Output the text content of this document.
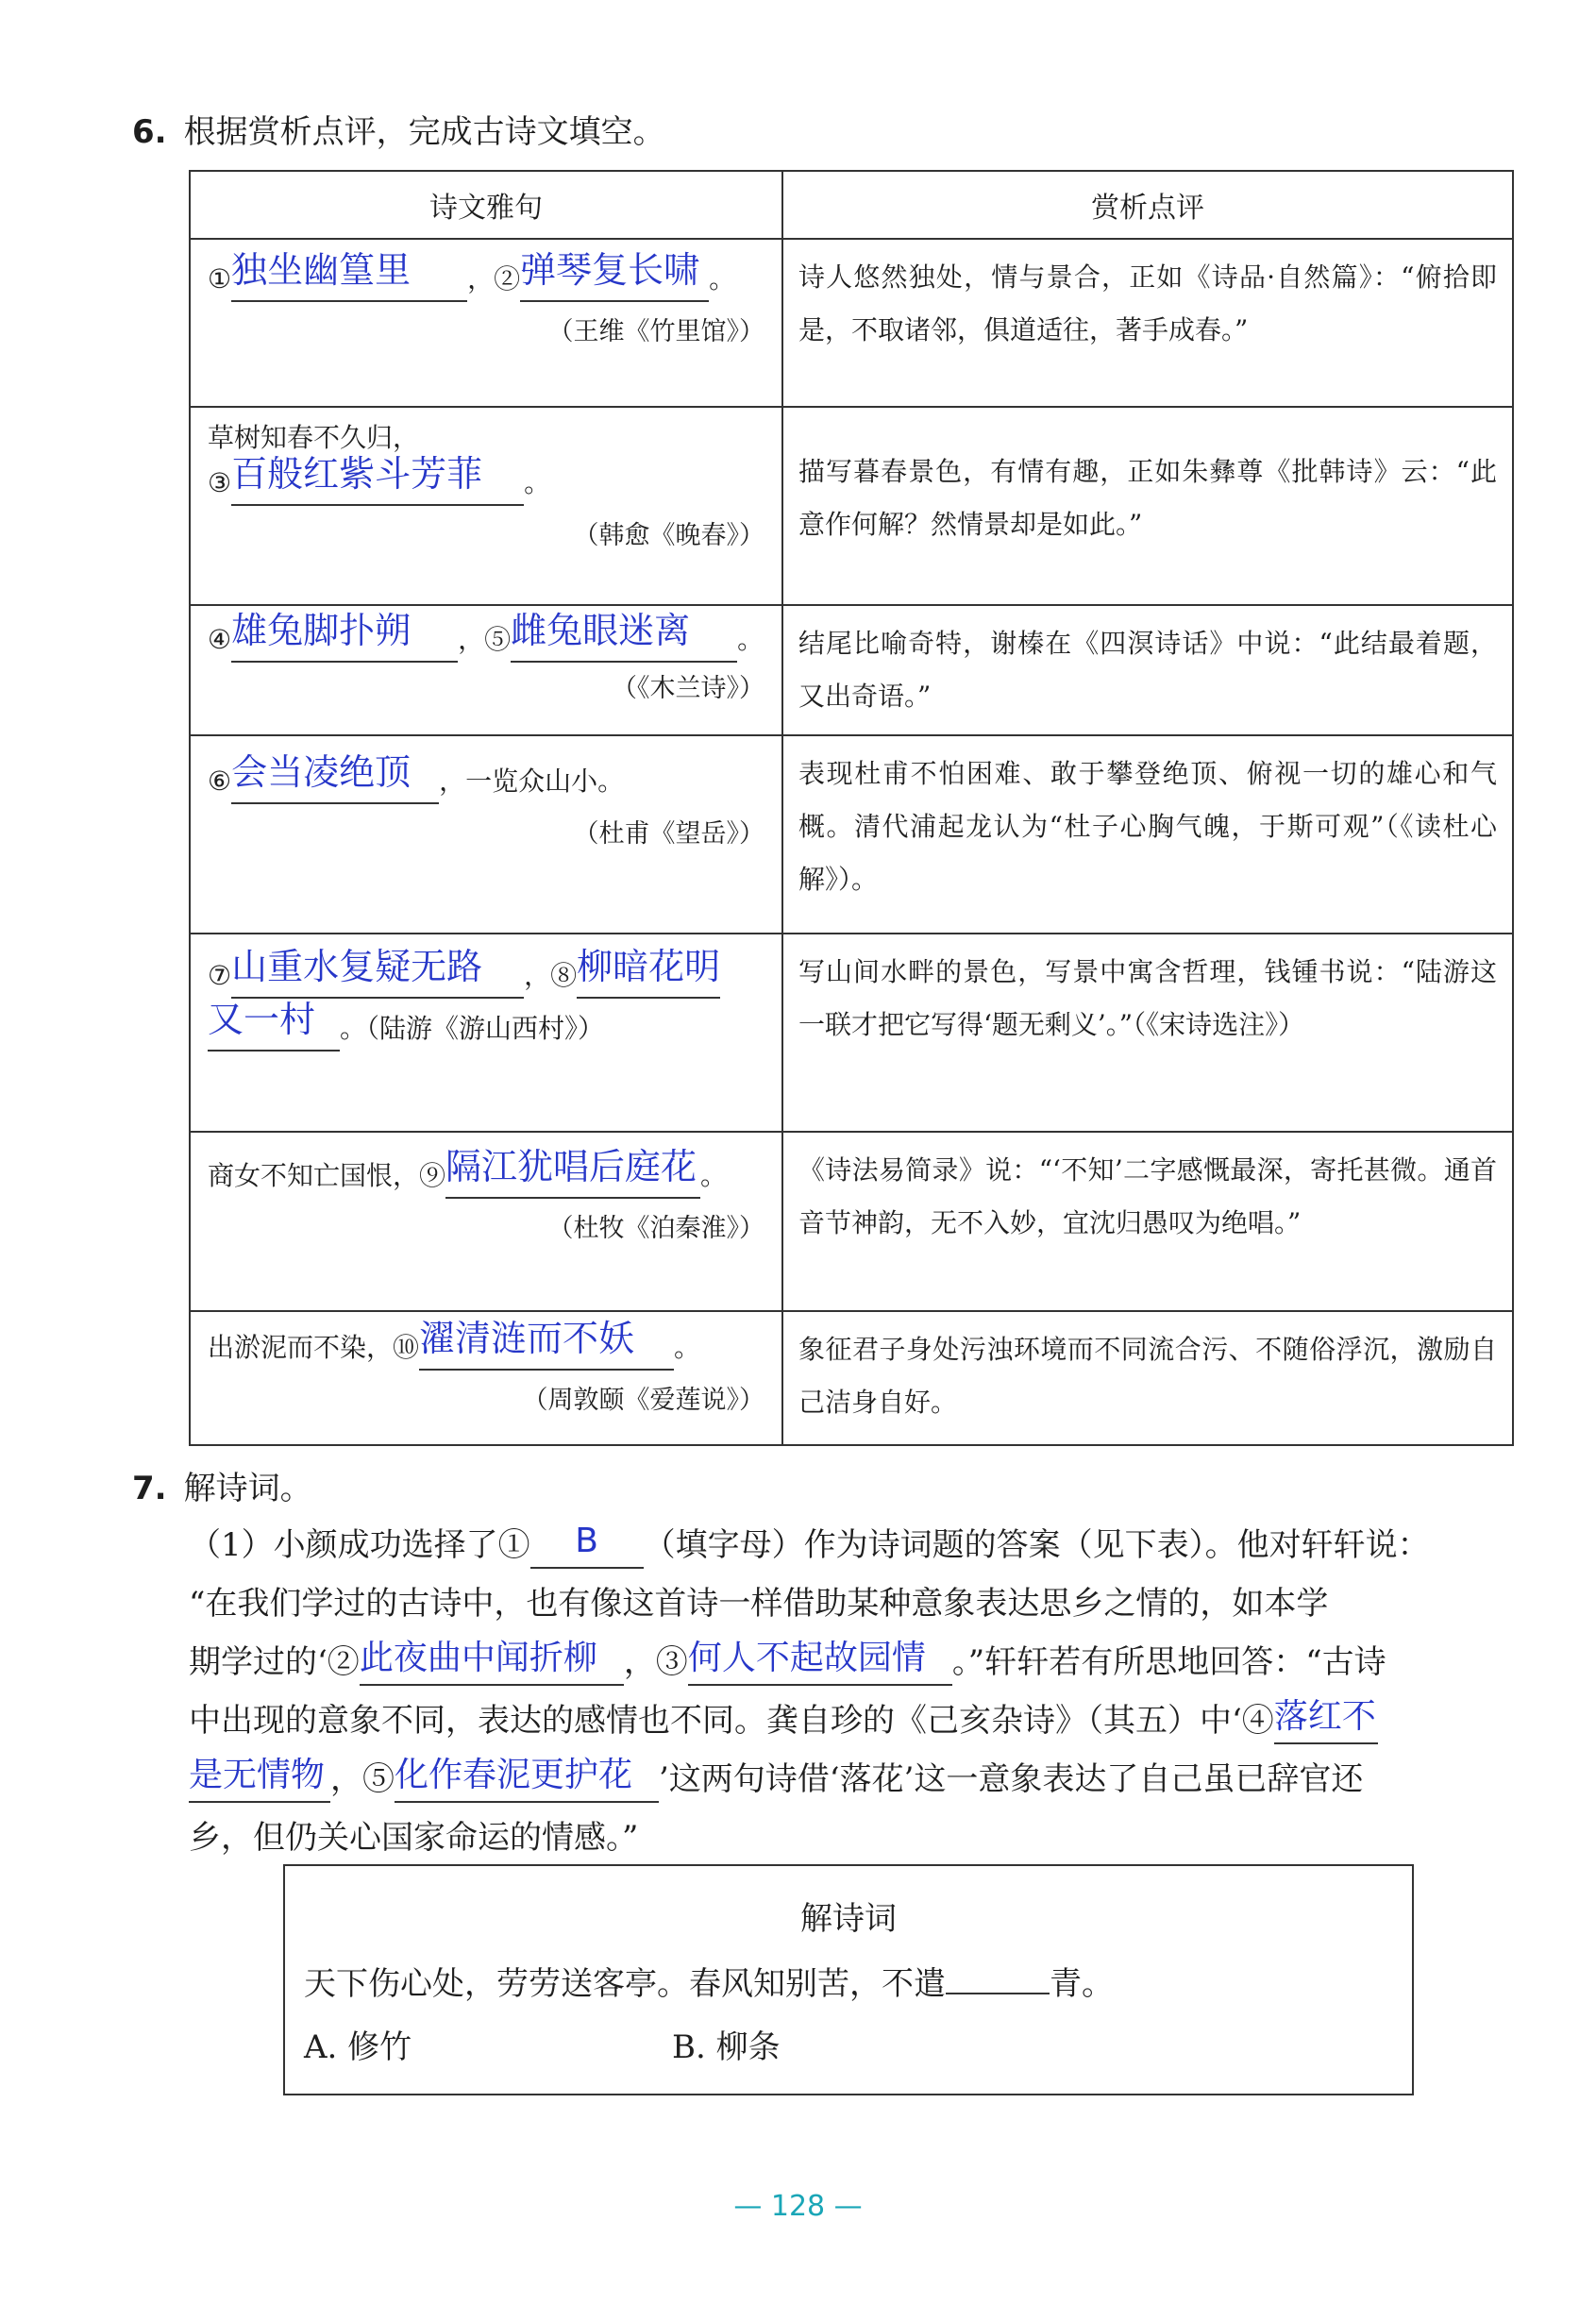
6. 根据赏析点评，完成古诗文填空。
诗文雅句	赏析点评

①独坐幽篁里 ，②弹琴复长啸 。
（王维《竹里馆》）	诗人悠然独处，情与景合，正如《诗品·自然篇》：“俯拾即是，不取诸邻，俱道适往，著手成春。”

草树知春不久归，
③百般红紫斗芳菲 。
（韩愈《晚春》）	描写暮春景色，有情有趣，正如朱彝尊《批韩诗》云：“此意作何解？然情景却是如此。”

④雄兔脚扑朔 ，⑤雌兔眼迷离 。
（《木兰诗》）	结尾比喻奇特，谢榛在《四溟诗话》中说：“此结最着题，又出奇语。”

⑥会当凌绝顶 ，一览众山小。
（杜甫《望岳》）	表现杜甫不怕困难、敢于攀登绝顶、俯视一切的雄心和气概。清代浦起龙认为“杜子心胸气魄，于斯可观”（《读杜心解》）。

⑦山重水复疑无路 ，⑧柳暗花明
又一村 。（陆游《游山西村》）	写山间水畔的景色，写景中寓含哲理，钱锺书说：“陆游这一联才把它写得‘题无剩义’。”（《宋诗选注》）

商女不知亡国恨，⑨隔江犹唱后庭花 。
（杜牧《泊秦淮》）	《诗法易简录》说：“‘不知’二字感慨最深，寄托甚微。通首音节神韵，无不入妙，宜沈归愚叹为绝唱。”

出淤泥而不染，⑩濯清涟而不妖 。
（周敦颐《爱莲说》）	象征君子身处污浊环境而不同流合污、不随俗浮沉，激励自己洁身自好。
7. 解诗词。

（1）小颜成功选择了① B （填字母）作为诗词题的答案（见下表）。他对轩轩说：

“在我们学过的古诗中，也有像这首诗一样借助某种意象表达思乡之情的，如本学

期学过的‘②此夜曲中闻折柳 ，③何人不起故园情 。”轩轩若有所思地回答：“古诗

中出现的意象不同，表达的感情也不同。龚自珍的《己亥杂诗》（其五）中‘④落红不

是无情物 ，⑤化作春泥更护花 ’这两句诗借‘落花’这一意象表达了自己虽已辞官还

乡，但仍关心国家命运的情感。”

解诗词
天下伤心处，劳劳送客亭。春风知别苦，不遣	青。
A. 修竹	B. 柳条
— 128 —
